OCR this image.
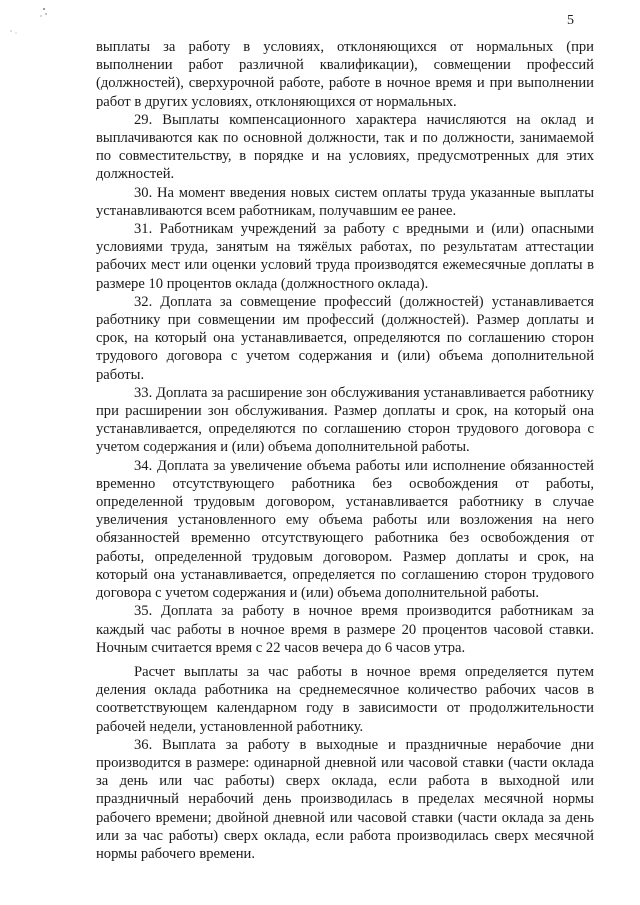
5

выплаты за работу в условиях, отклоняющихся от нормальных (при выполнении работ различной квалификации), совмещении профессий (должностей), сверхурочной работе, работе в ночное время и при выполнении работ в других условиях, отклоняющихся от нормальных.

29. Выплаты компенсационного характера начисляются на оклад и выплачиваются как по основной должности, так и по должности, занимаемой по совместительству, в порядке и на условиях, предусмотренных для этих должностей.

30. На момент введения новых систем оплаты труда указанные выплаты устанавливаются всем работникам, получавшим ее ранее.

31. Работникам учреждений за работу с вредными и (или) опасными условиями труда, занятым на тяжёлых работах, по результатам аттестации рабочих мест или оценки условий труда производятся ежемесячные доплаты в размере 10 процентов оклада (должностного оклада).

32. Доплата за совмещение профессий (должностей) устанавливается работнику при совмещении им профессий (должностей). Размер доплаты и срок, на который она устанавливается, определяются по соглашению сторон трудового договора с учетом содержания и (или) объема дополнительной работы.

33. Доплата за расширение зон обслуживания устанавливается работнику при расширении зон обслуживания. Размер доплаты и срок, на который она устанавливается, определяются по соглашению сторон трудового договора с учетом содержания и (или) объема дополнительной работы.

34. Доплата за увеличение объема работы или исполнение обязанностей временно отсутствующего работника без освобождения от работы, определенной трудовым договором, устанавливается работнику в случае увеличения установленного ему объема работы или возложения на него обязанностей временно отсутствующего работника без освобождения от работы, определенной трудовым договором. Размер доплаты и срок, на который она устанавливается, определяется по соглашению сторон трудового договора с учетом содержания и (или) объема дополнительной работы.

35. Доплата за работу в ночное время производится работникам за каждый час работы в ночное время в размере 20 процентов часовой ставки. Ночным считается время с 22 часов вечера до 6 часов утра.

Расчет выплаты за час работы в ночное время определяется путем деления оклада работника на среднемесячное количество рабочих часов в соответствующем календарном году в зависимости от продолжительности рабочей недели, установленной работнику.

36. Выплата за работу в выходные и праздничные нерабочие дни производится в размере: одинарной дневной или часовой ставки (части оклада за день или час работы) сверх оклада, если работа в выходной или праздничный нерабочий день производилась в пределах месячной нормы рабочего времени; двойной дневной или часовой ставки (части оклада за день или за час работы) сверх оклада, если работа производилась сверх месячной нормы рабочего времени.
